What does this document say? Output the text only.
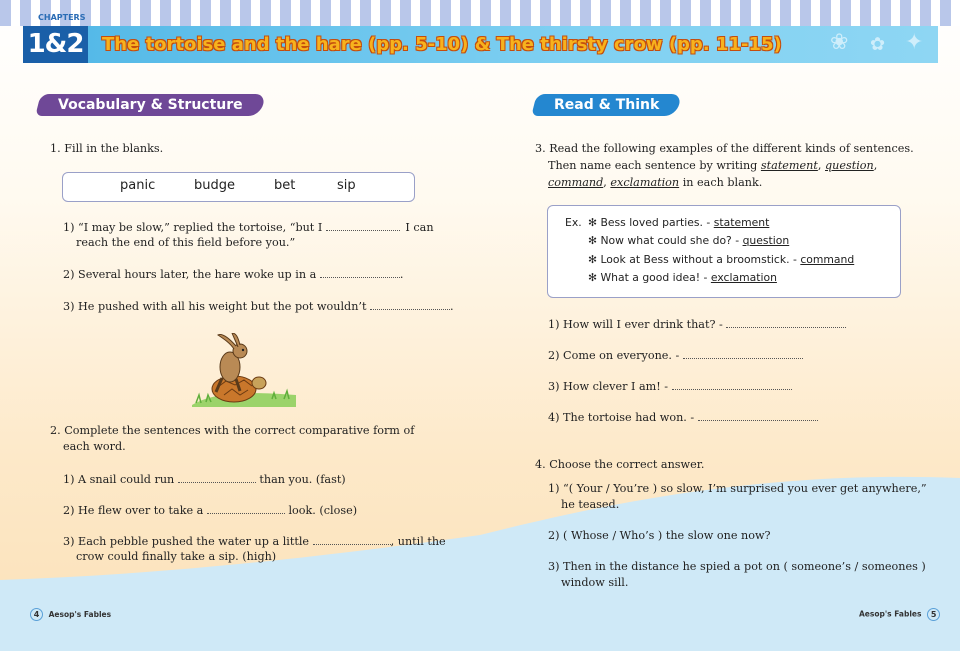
CHAPTERS
❀ ✿ ✦
1&2 The tortoise and the hare (pp. 5-10) & The thirsty crow (pp. 11-15)
Vocabulary & Structure
1. Fill in the blanks.
panic	budge	bet	sip
1) “I may be slow,” replied the tortoise, “but I	I can
reach the end of this field before you.”
2) Several hours later, the hare woke up in a	.
3) He pushed with all his weight but the pot wouldn’t	.
2. Complete the sentences with the correct comparative form of
each word.
1) A snail could run	than you. (fast)
2) He flew over to take a	look. (close)
3) Each pebble pushed the water up a little	, until the
crow could finally take a sip. (high)
4 Aesop's Fables
Read & Think
3. Read the following examples of the different kinds of sentences.
Then name each sentence by writing statement, question,
command, exclamation in each blank.
Ex. ✻ Bess loved parties. - statement
✻ Now what could she do? - question
✻ Look at Bess without a broomstick. - command
✻ What a good idea! - exclamation
1) How will I ever drink that? -
2) Come on everyone. -
3) How clever I am! -
4) The tortoise had won. -
4. Choose the correct answer.
1) “( Your / You’re ) so slow, I’m surprised you ever get anywhere,”
he teased.
2) ( Whose / Who’s ) the slow one now?
3) Then in the distance he spied a pot on ( someone’s / someones )
window sill.
Aesop's Fables 5
